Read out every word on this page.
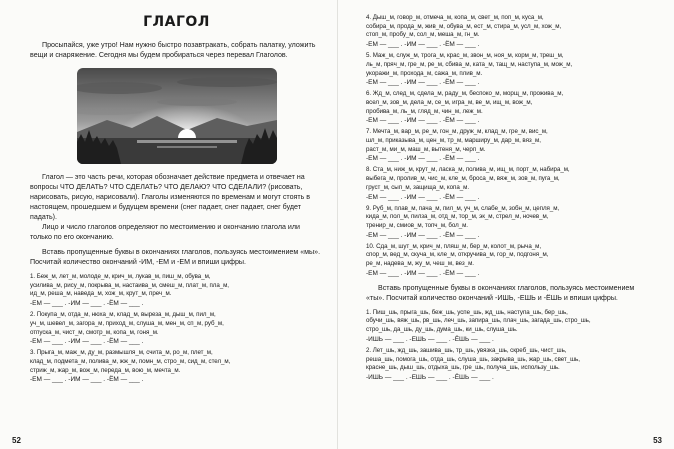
ГЛАГОЛ

Просыпайся, уже утро! Нам нужно быстро позавтракать, собрать палатку, уложить вещи и снаряжение. Сегодня мы будем пробираться через перевал Глаголов.

Глагол — это часть речи, которая обозначает действие предмета и отвечает на вопросы ЧТО ДЕЛАТЬ? ЧТО СДЕЛАТЬ? ЧТО ДЕЛАЮ? ЧТО СДЕЛАЛИ? (рисовать, нарисовать, рисую, нарисовали). Глаголы изменяются по временам и могут стоять в настоящем, прошедшем и будущем времени (снег падает, снег падает, снег будет падать).

Лицо и число глаголов определяют по местоимению и окончанию глагола или только по его окончанию.

Вставь пропущенные буквы в окончаниях глаголов, пользуясь местоимением «мы». Посчитай количество окончаний -ИМ, -ЕМ и -ЕМ и впиши цифры.

1. Беж_м, лет_м, молоде_м, крич_м, лукав_м, пиш_м, обува_м,
усилива_м, рису_м, покрыва_м, настаива_м, смеш_м, плат_м, пла_м,
ид_м, реша_м, наведа_м, хож_м, крут_м, преч_м.
-ЕМ — ___ . -ИМ — ___ . -ЁМ — ___ .
2. Покупа_м, отда_м, нюха_м, клад_м, вырезa_м, дыш_м, пил_м,
уч_м, шевел_м, загора_м, приход_м, слуша_м, мен_м, сп_м, руб_м,
отпуска_м, чист_м, смотр_м, копа_м, гоня_м.
-ЕМ — ___ . -ИМ — ___ . -ЁМ — ___ .
3. Прыга_м, маж_м, ду_м, размышля_м, счита_м, ро_м, плет_м,
клад_м, подмета_м, полива_м, жж_м, помн_м, стро_м, сид_м, стел_м,
стриж_м, жар_м, вож_м, переда_м, вою_м, мечта_м.
-ЕМ — ___ . -ИМ — ___ . -ЁМ — ___ .
52
4. Дыш_м, говор_м, отмеча_м, копа_м, свет_м, поп_м, куса_м,
собира_м, прода_м, жив_м, обува_м, ест_м, стира_м, усл_м, хож_м,
стоп_м, пробу_м, сол_м, меша_м, гн_м.
-ЕМ — ___ . -ИМ — ___ . -ЁМ — ___ .
5. Маж_м, служ_м, трога_м, крас_м, звон_м, ноя_м, корм_м, треш_м,
ль_м, пряч_м, гре_м, ре_м, сбива_м, ката_м, тащ_м, наступа_м, мож_м,
укоражи_м, прохода_м, сажа_м, плив_м.
-ЕМ — ___ . -ИМ — ___ . -ЁМ — ___ .
6. Жд_м, след_м, сдела_м, раду_м, беспоко_м, морщ_м, прожива_м,
всел_м, зов_м, дела_м, се_м, игра_м, ве_м, ищ_м, вож_м,
пробива_м, ль_м, гляд_м, чин_м, леж_м.
-ЕМ — ___ . -ИМ — ___ . -ЁМ — ___ .
7. Мечта_м, вар_м, ре_м, гон_м, друж_м, клад_м, гре_м, вис_м,
шл_м, приказыва_м, цен_м, тр_м, марширу_м, дар_м, вяз_м,
раст_м, ми_м, маш_м, вытеня_м, черп_м.
-ЕМ — ___ . -ИМ — ___ . -ЁМ — ___ .
8. Ста_м, ниж_м, крут_м, ласка_м, полива_м, ищ_м, порт_м, набира_м,
выбега_м, пролив_м, чис_м, кле_м, броса_м, вяж_м, зов_м, пуга_м,
груст_м, сып_м, защища_м, копа_м.
-ЕМ — ___ . -ИМ — ___ . -ЁМ — ___ .
9. Руб_м, плав_м, пача_м, пил_м, уч_м, слабе_м, зобн_м, цепля_м,
кида_м, пол_м, пилза_м, отд_м, тор_м, эк_м, стрел_м, ночев_м,
тренир_м, смиов_м, топч_м, бол_м.
-ЕМ — ___ . -ИМ — ___ . -ЁМ — ___ .
10. Сда_м, шут_м, крич_м, пляш_м, бер_м, колот_м, рыча_м,
спор_м, вед_м, скуча_м, кле_м, откручива_м, гор_м, подгоня_м,
ре_м, надева_м, жу_м, чеш_м, вез_м.
-ЕМ — ___ . -ИМ — ___ . -ЁМ — ___ .

Вставь пропущенные буквы в окончаниях глаголов, пользуясь местоимением «ты». Посчитай количество окончаний -ИШЬ, -ЕШЬ и -ЁШЬ и впиши цифры.

1. Пиш_шь, прыга_шь, беж_шь, успе_шь, жд_шь, наступа_шь, бер_шь,
обучи_шь, вяж_шь, рв_шь, леч_шь, запира_шь, плач_шь, загада_шь, стро_шь,
стро_шь, да_шь, ду_шь, дума_шь, ки_шь, слуша_шь.
-ИШЬ — ___ . -ЕШЬ — ___ . -ЁШЬ — ___ .
2. Лет_шь, жд_шь, зашива_шь, тр_шь, увязка_шь, скреб_шь, чист_шь,
реша_шь, помога_шь, отда_шь, слуша_шь, закрыва_шь, жар_шь, свет_шь,
красне_шь, дыш_шь, отдыха_шь, гре_шь, получа_шь, использу_шь.
-ИШЬ — ___ . -ЕШЬ — ___ . -ЁШЬ — ___ .
53
